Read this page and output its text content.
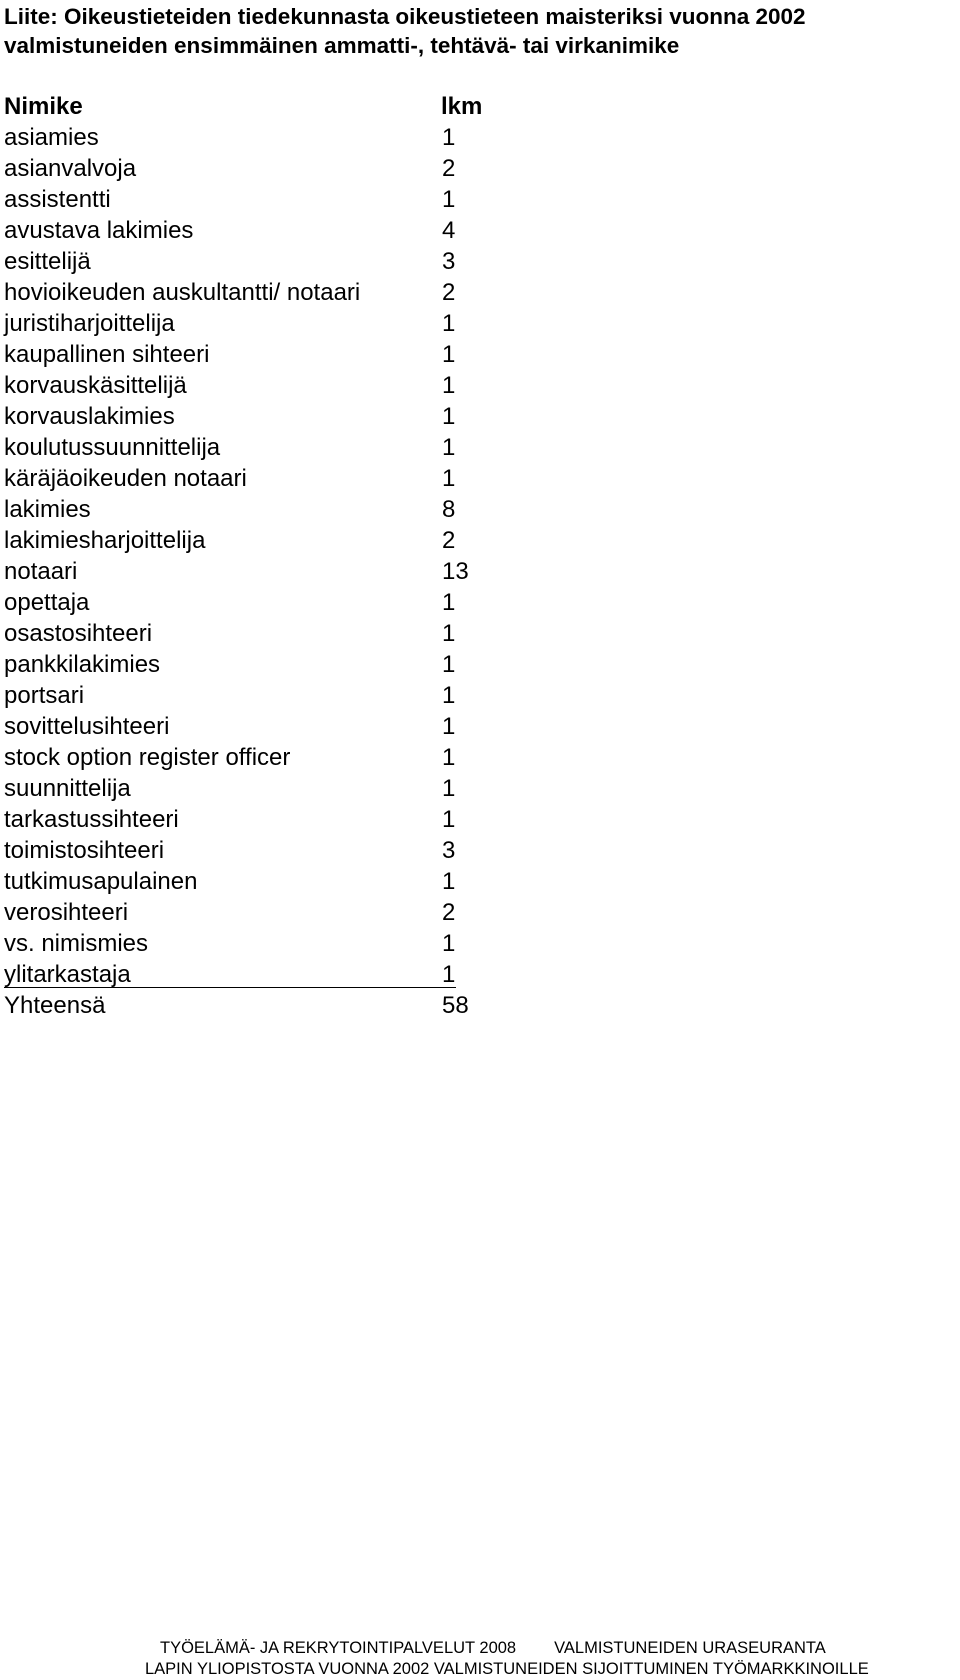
Liite: Oikeustieteiden tiedekunnasta oikeustieteen maisteriksi vuonna 2002
valmistuneiden ensimmäinen ammatti-, tehtävä- tai virkanimike
Nimike	lkm
asiamies	1
asianvalvoja	2
assistentti	1
avustava lakimies	4
esittelijä	3
hovioikeuden auskultantti/ notaari	2
juristiharjoittelija	1
kaupallinen sihteeri	1
korvauskäsittelijä	1
korvauslakimies	1
koulutussuunnittelija	1
käräjäoikeuden notaari	1
lakimies	8
lakimiesharjoittelija	2
notaari	13
opettaja	1
osastosihteeri	1
pankkilakimies	1
portsari	1
sovittelusihteeri	1
stock option register officer	1
suunnittelija	1
tarkastussihteeri	1
toimistosihteeri	3
tutkimusapulainen	1
verosihteeri	2
vs. nimismies	1
ylitarkastaja	1
Yhteensä	58
TYÖELÄMÄ- JA REKRYTOINTIPALVELUT 2008 VALMISTUNEIDEN URASEURANTA
LAPIN YLIOPISTOSTA VUONNA 2002 VALMISTUNEIDEN SIJOITTUMINEN TYÖMARKKINOILLE
